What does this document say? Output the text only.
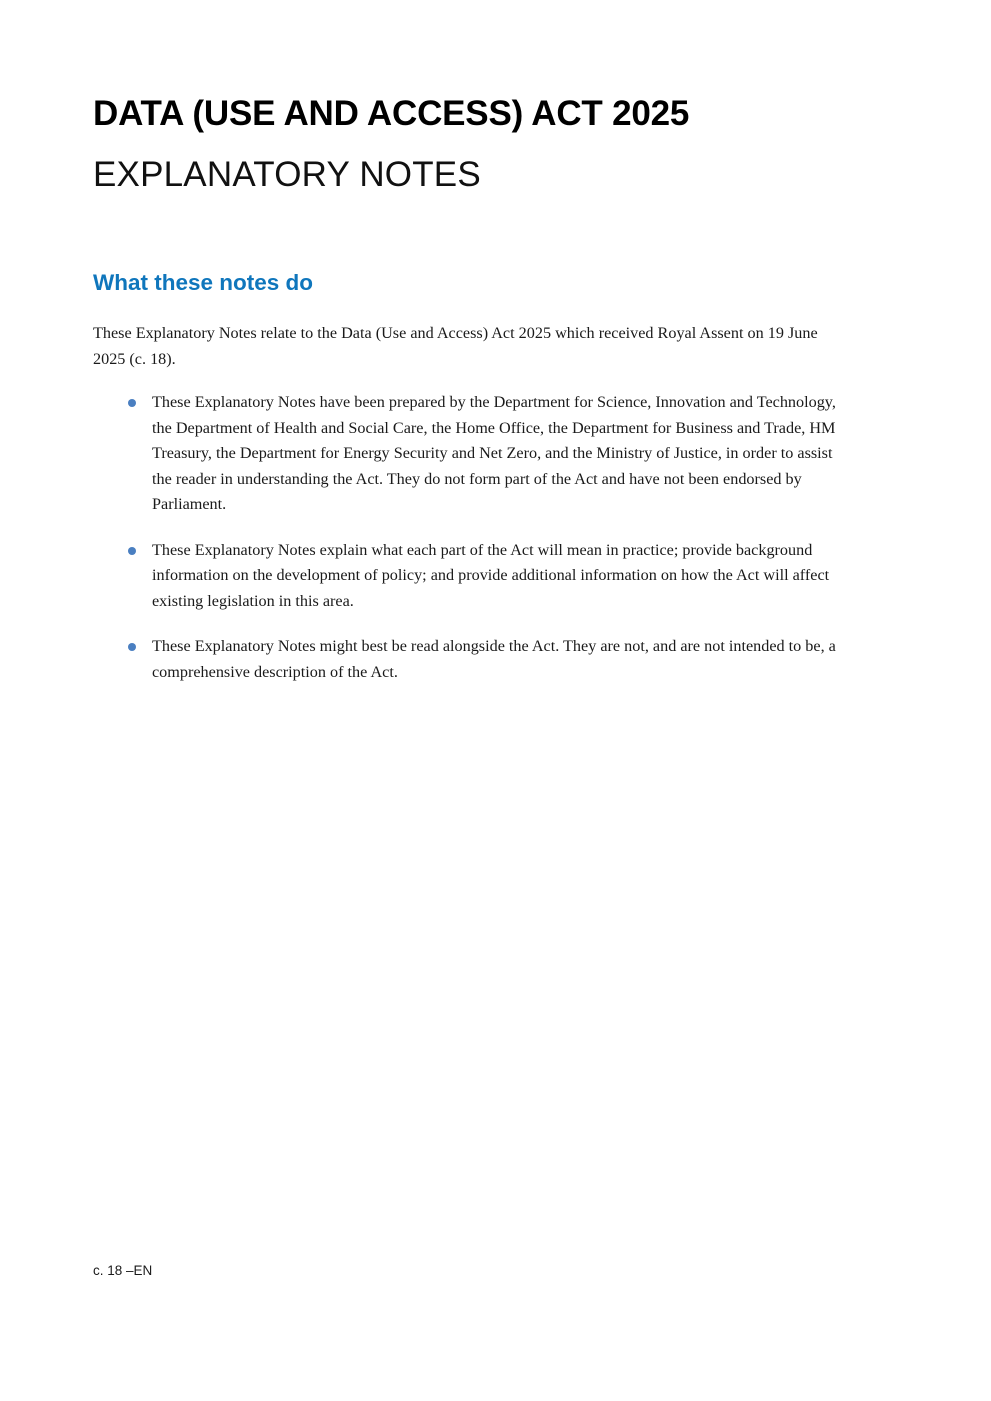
DATA (USE AND ACCESS) ACT 2025
EXPLANATORY NOTES
What these notes do

These Explanatory Notes relate to the Data (Use and Access) Act 2025 which received Royal Assent on 19 June 2025 (c. 18).

These Explanatory Notes have been prepared by the Department for Science, Innovation and Technology, the Department of Health and Social Care, the Home Office, the Department for Business and Trade, HM Treasury, the Department for Energy Security and Net Zero, and the Ministry of Justice, in order to assist the reader in understanding the Act. They do not form part of the Act and have not been endorsed by Parliament.
These Explanatory Notes explain what each part of the Act will mean in practice; provide background information on the development of policy; and provide additional information on how the Act will affect existing legislation in this area.
These Explanatory Notes might best be read alongside the Act. They are not, and are not intended to be, a comprehensive description of the Act.
c. 18 –EN
